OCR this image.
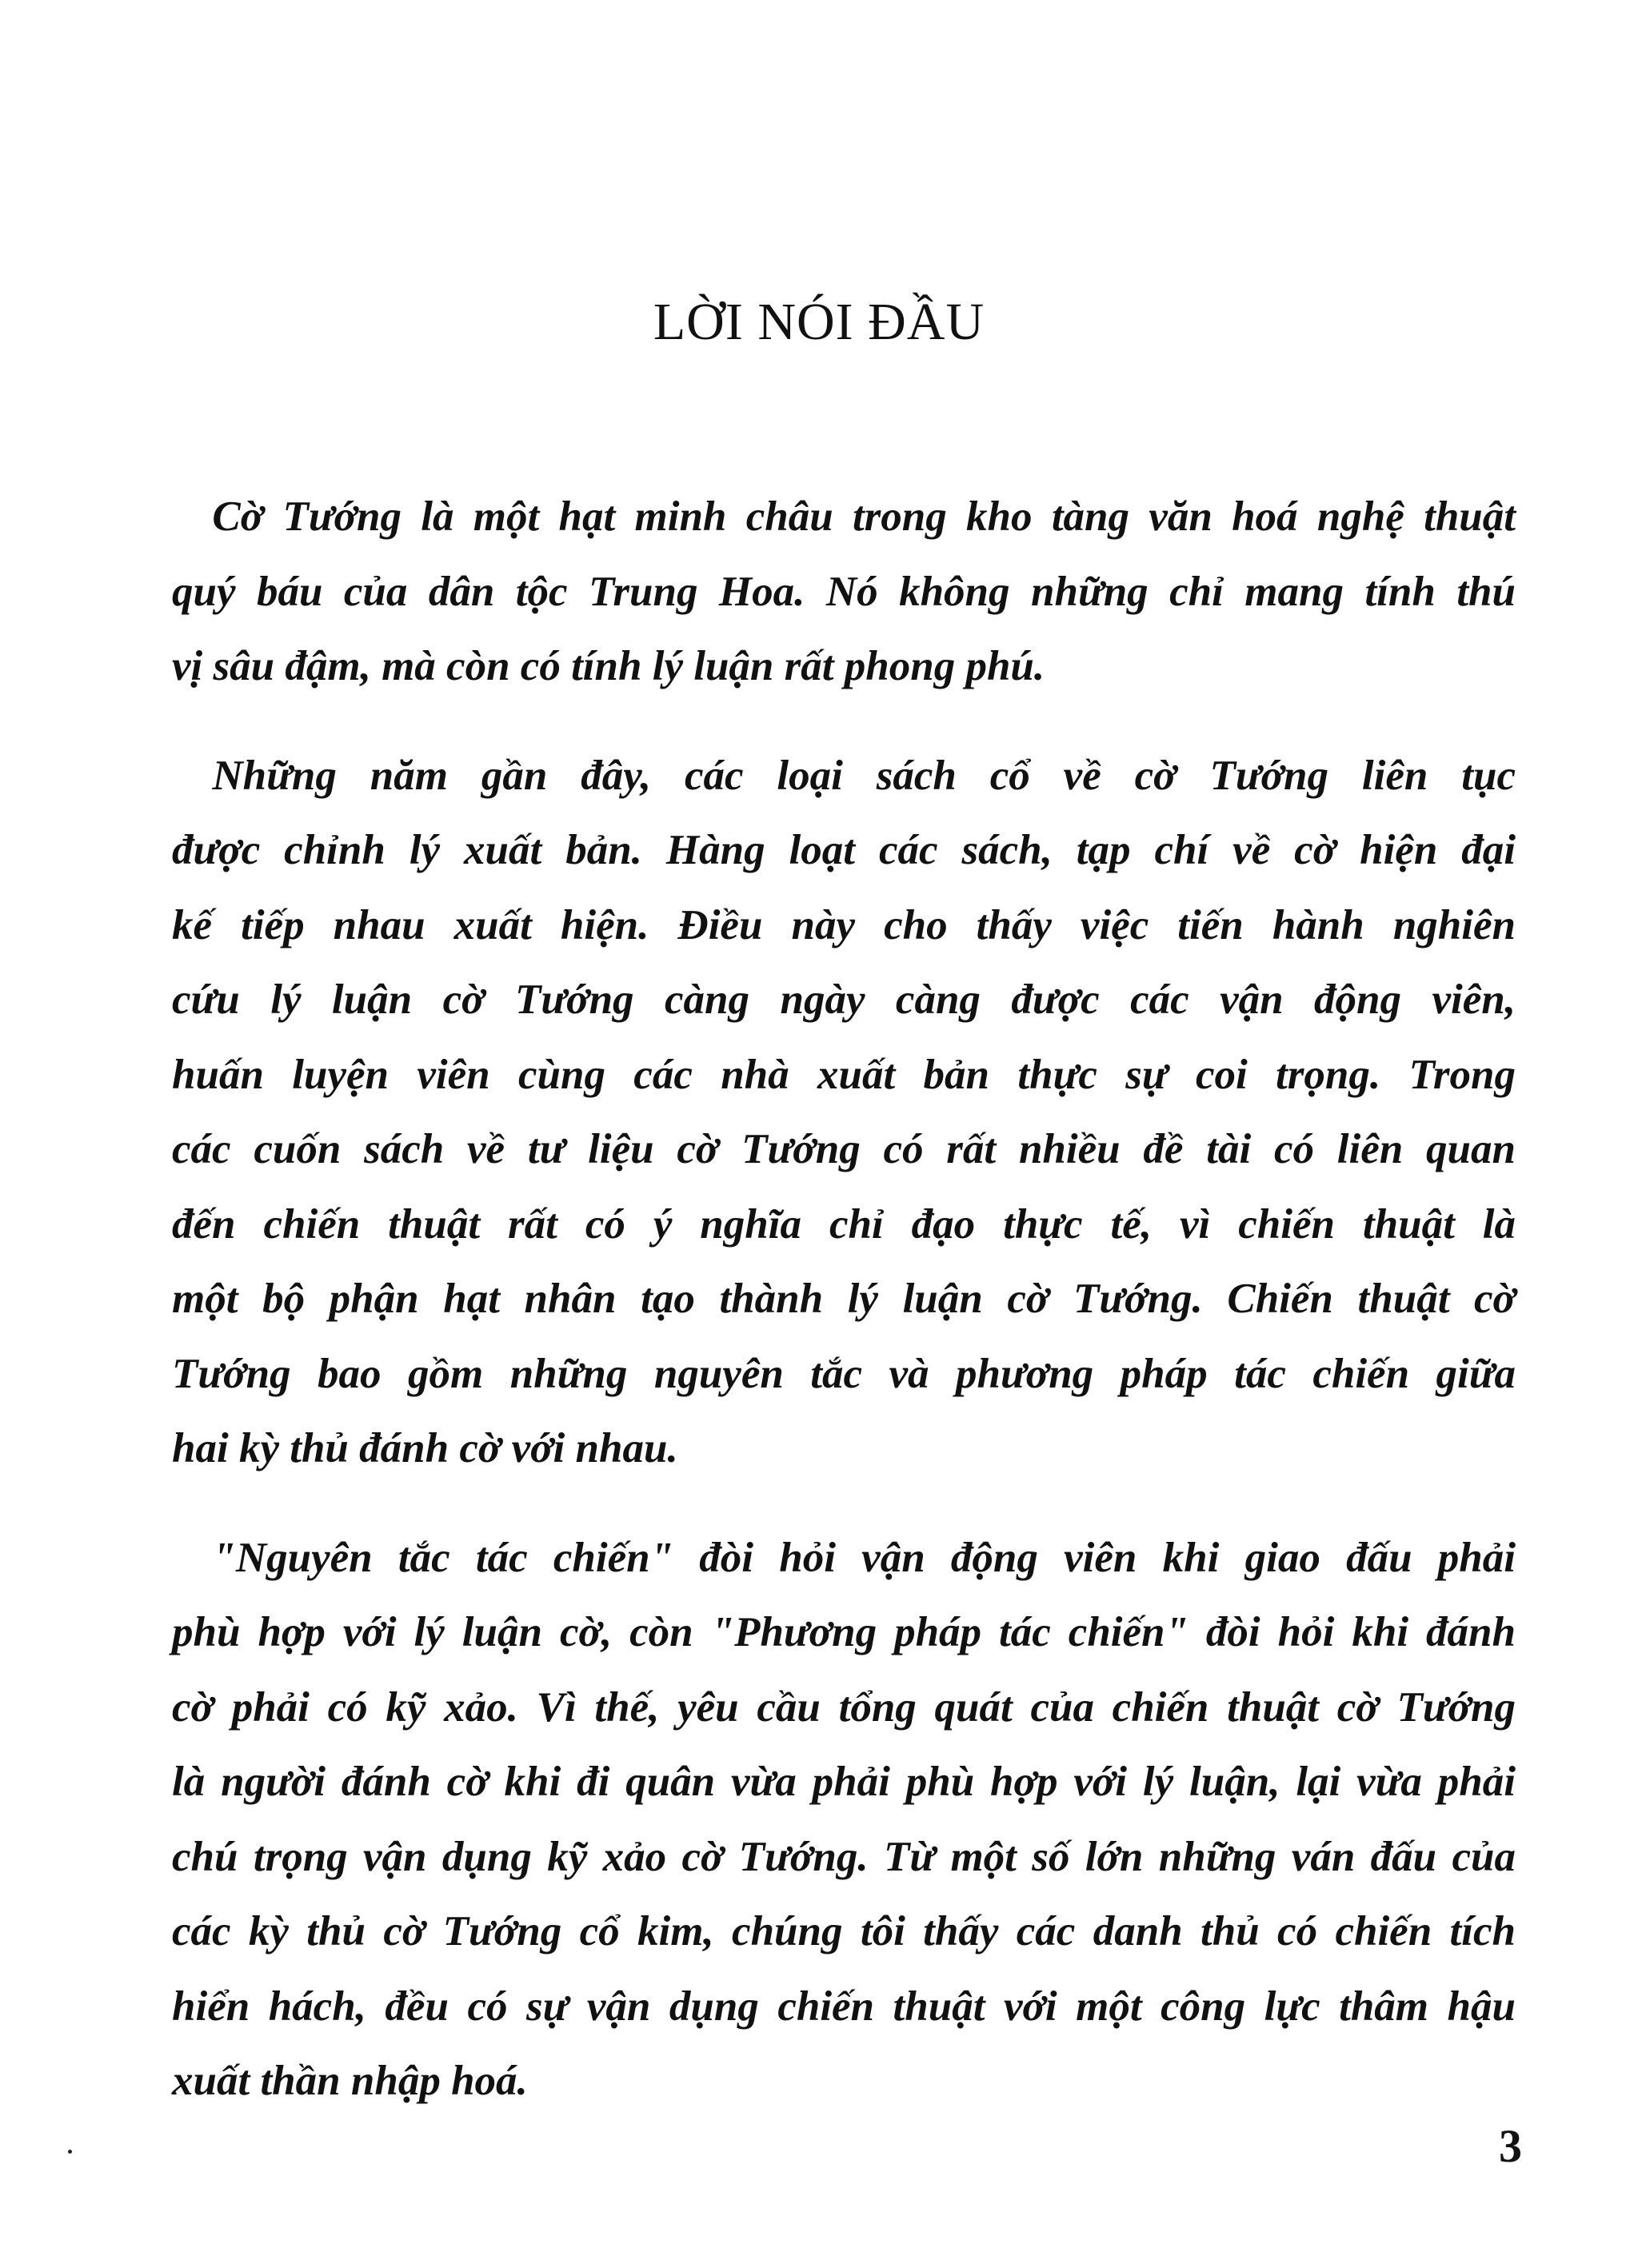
LỜI NÓI ĐẦU

Cờ Tướng là một hạt minh châu trong kho tàng văn hoá nghệ thuật
quý báu của dân tộc Trung Hoa. Nó không những chỉ mang tính thú
vị sâu đậm, mà còn có tính lý luận rất phong phú.

Những năm gần đây, các loại sách cổ về cờ Tướng liên tục
được chỉnh lý xuất bản. Hàng loạt các sách, tạp chí về cờ hiện đại
kế tiếp nhau xuất hiện. Điều này cho thấy việc tiến hành nghiên
cứu lý luận cờ Tướng càng ngày càng được các vận động viên,
huấn luyện viên cùng các nhà xuất bản thực sự coi trọng. Trong
các cuốn sách về tư liệu cờ Tướng có rất nhiều đề tài có liên quan
đến chiến thuật rất có ý nghĩa chỉ đạo thực tế, vì chiến thuật là
một bộ phận hạt nhân tạo thành lý luận cờ Tướng. Chiến thuật cờ
Tướng bao gồm những nguyên tắc và phương pháp tác chiến giữa
hai kỳ thủ đánh cờ với nhau.

"Nguyên tắc tác chiến" đòi hỏi vận động viên khi giao đấu phải
phù hợp với lý luận cờ, còn "Phương pháp tác chiến" đòi hỏi khi đánh
cờ phải có kỹ xảo. Vì thế, yêu cầu tổng quát của chiến thuật cờ Tướng
là người đánh cờ khi đi quân vừa phải phù hợp với lý luận, lại vừa phải
chú trọng vận dụng kỹ xảo cờ Tướng. Từ một số lớn những ván đấu của
các kỳ thủ cờ Tướng cổ kim, chúng tôi thấy các danh thủ có chiến tích
hiển hách, đều có sự vận dụng chiến thuật với một công lực thâm hậu
xuất thần nhập hoá.

3
